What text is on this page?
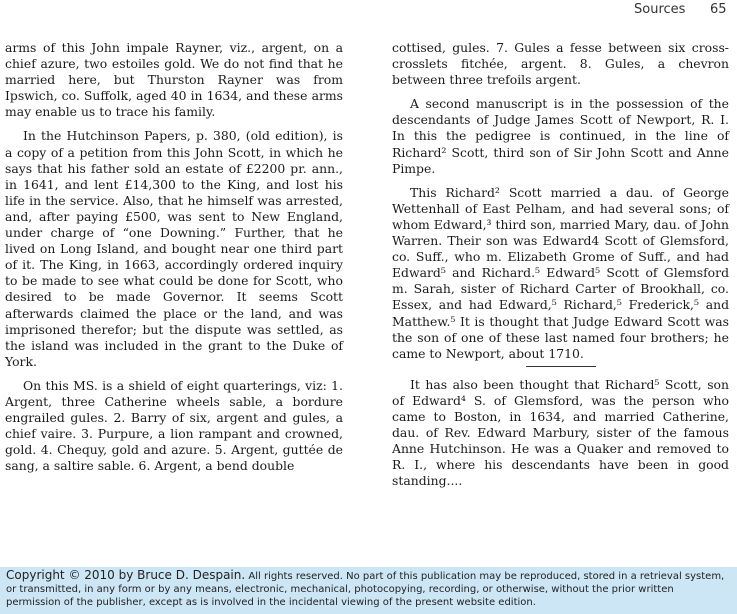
Sources 65

arms of this John impale Rayner, viz., argent, on a chief azure, two estoiles gold. We do not find that he married here, but Thurston Rayner was from Ipswich, co. Suffolk, aged 40 in 1634, and these arms may enable us to trace his family.

In the Hutchinson Papers, p. 380, (old edition), is a copy of a petition from this John Scott, in which he says that his father sold an estate of £2200 pr. ann., in 1641, and lent £14,300 to the King, and lost his life in the service. Also, that he himself was arrested, and, after paying £500, was sent to New England, under charge of “one Downing.” Further, that he lived on Long Island, and bought near one third part of it. The King, in 1663, accordingly ordered inquiry to be made to see what could be done for Scott, who desired to be made Governor. It seems Scott afterwards claimed the place or the land, and was imprisoned therefor; but the dispute was settled, as the island was included in the grant to the Duke of York.

On this MS. is a shield of eight quarterings, viz: 1. Argent, three Catherine wheels sable, a bordure engrailed gules. 2. Barry of six, argent and gules, a chief vaire. 3. Purpure, a lion rampant and crowned, gold. 4. Chequy, gold and azure. 5. Argent, guttée de sang, a saltire sable. 6. Argent, a bend double

cottised, gules. 7. Gules a fesse between six cross-crosslets fitchée, argent. 8. Gules, a chevron between three trefoils argent.

A second manuscript is in the possession of the descendants of Judge James Scott of Newport, R. I. In this the pedigree is continued, in the line of Richard² Scott, third son of Sir John Scott and Anne Pimpe.

This Richard² Scott married a dau. of George Wettenhall of East Pelham, and had several sons; of whom Edward,³ third son, married Mary, dau. of John Warren. Their son was Edward4 Scott of Glemsford, co. Suff., who m. Elizabeth Grome of Suff., and had Edward⁵ and Richard.⁵ Edward⁵ Scott of Glemsford m. Sarah, sister of Richard Carter of Brookhall, co. Essex, and had Edward,⁵ Richard,⁵ Frederick,⁵ and Matthew.⁵ It is thought that Judge Edward Scott was the son of one of these last named four brothers; he came to Newport, about 1710.

It has also been thought that Richard⁵ Scott, son of Edward⁴ S. of Glemsford, was the person who came to Boston, in 1634, and married Catherine, dau. of Rev. Edward Marbury, sister of the famous Anne Hutchinson. He was a Quaker and removed to R. I., where his descendants have been in good standing....

Copyright © 2010 by Bruce D. Despain. All rights reserved. No part of this publication may be reproduced, stored in a retrieval system, or transmitted, in any form or by any means, electronic, mechanical, photocopying, recording, or otherwise, without the prior written permission of the publisher, except as is involved in the incidental viewing of the present website edition.
